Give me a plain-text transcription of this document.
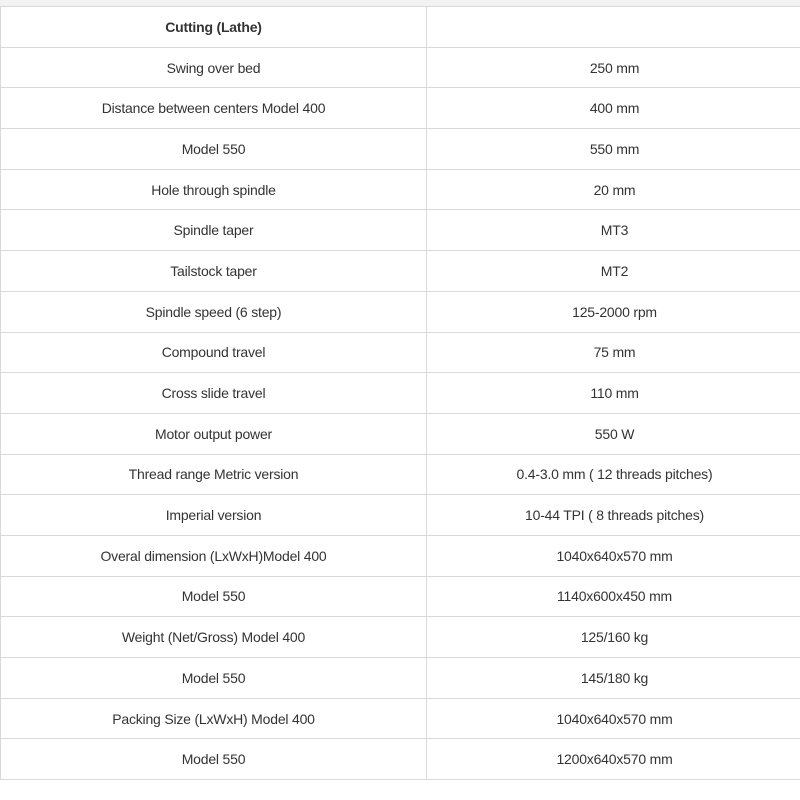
Cutting (Lathe)	
Swing over bed	250 mm
Distance between centers Model 400	400 mm
Model 550	550 mm
Hole through spindle	20 mm
Spindle taper	MT3
Tailstock taper	MT2
Spindle speed (6 step)	125-2000 rpm
Compound travel	75 mm
Cross slide travel	110 mm
Motor output power	550 W
Thread range Metric version	0.4-3.0 mm ( 12 threads pitches)
Imperial version	10-44 TPI ( 8 threads pitches)
Overal dimension (LxWxH)Model 400	1040x640x570 mm
Model 550	1140x600x450 mm
Weight (Net/Gross) Model 400	125/160 kg
Model 550	145/180 kg
Packing Size (LxWxH) Model 400	1040x640x570 mm
Model 550	1200x640x570 mm
